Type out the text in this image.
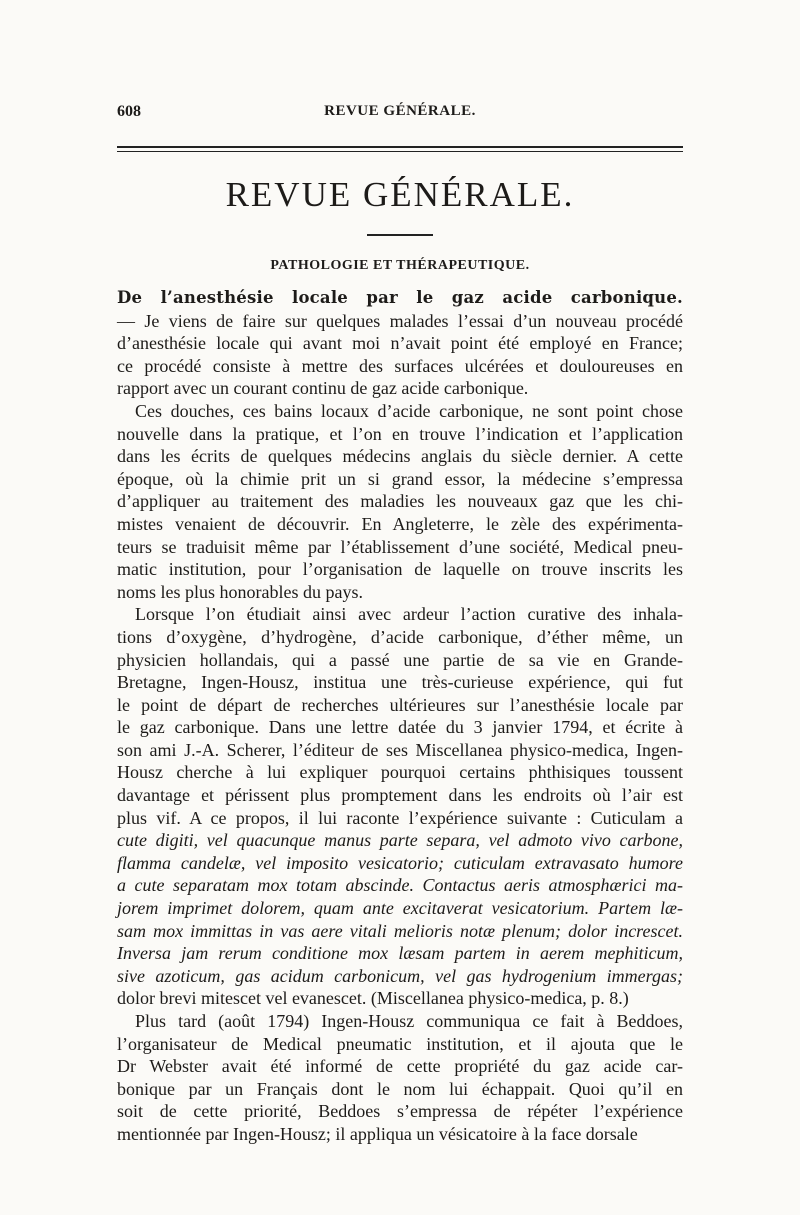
608	REVUE GÉNÉRALE.
REVUE GÉNÉRALE.
PATHOLOGIE ET THÉRAPEUTIQUE.
De l’anesthésie locale par le gaz acide carbonique.
— Je viens de faire sur quelques malades l’essai d’un nouveau procédé
d’anesthésie locale qui avant moi n’avait point été employé en France;
ce procédé consiste à mettre des surfaces ulcérées et douloureuses en
rapport avec un courant continu de gaz acide carbonique.
Ces douches, ces bains locaux d’acide carbonique, ne sont point chose
nouvelle dans la pratique, et l’on en trouve l’indication et l’application
dans les écrits de quelques médecins anglais du siècle dernier. A cette
époque, où la chimie prit un si grand essor, la médecine s’empressa
d’appliquer au traitement des maladies les nouveaux gaz que les chi-
mistes venaient de découvrir. En Angleterre, le zèle des expérimenta-
teurs se traduisit même par l’établissement d’une société, Medical pneu-
matic institution, pour l’organisation de laquelle on trouve inscrits les
noms les plus honorables du pays.
Lorsque l’on étudiait ainsi avec ardeur l’action curative des inhala-
tions d’oxygène, d’hydrogène, d’acide carbonique, d’éther même, un
physicien hollandais, qui a passé une partie de sa vie en Grande-
Bretagne, Ingen-Housz, institua une très-curieuse expérience, qui fut
le point de départ de recherches ultérieures sur l’anesthésie locale par
le gaz carbonique. Dans une lettre datée du 3 janvier 1794, et écrite à
son ami J.-A. Scherer, l’éditeur de ses Miscellanea physico-medica, Ingen-
Housz cherche à lui expliquer pourquoi certains phthisiques toussent
davantage et périssent plus promptement dans les endroits où l’air est
plus vif. A ce propos, il lui raconte l’expérience suivante : Cuticulam a
cute digiti, vel quacunque manus parte separa, vel admoto vivo carbone,
flamma candelæ, vel imposito vesicatorio; cuticulam extravasato humore
a cute separatam mox totam abscinde. Contactus aeris atmosphærici ma-
jorem imprimet dolorem, quam ante excitaverat vesicatorium. Partem læ-
sam mox immittas in vas aere vitali melioris notæ plenum; dolor increscet.
Inversa jam rerum conditione mox læsam partem in aerem mephiticum,
sive azoticum, gas acidum carbonicum, vel gas hydrogenium immergas;
dolor brevi mitescet vel evanescet. (Miscellanea physico-medica, p. 8.)
Plus tard (août 1794) Ingen-Housz communiqua ce fait à Beddoes,
l’organisateur de Medical pneumatic institution, et il ajouta que le
Dr Webster avait été informé de cette propriété du gaz acide car-
bonique par un Français dont le nom lui échappait. Quoi qu’il en
soit de cette priorité, Beddoes s’empressa de répéter l’expérience
mentionnée par Ingen-Housz; il appliqua un vésicatoire à la face dorsale
